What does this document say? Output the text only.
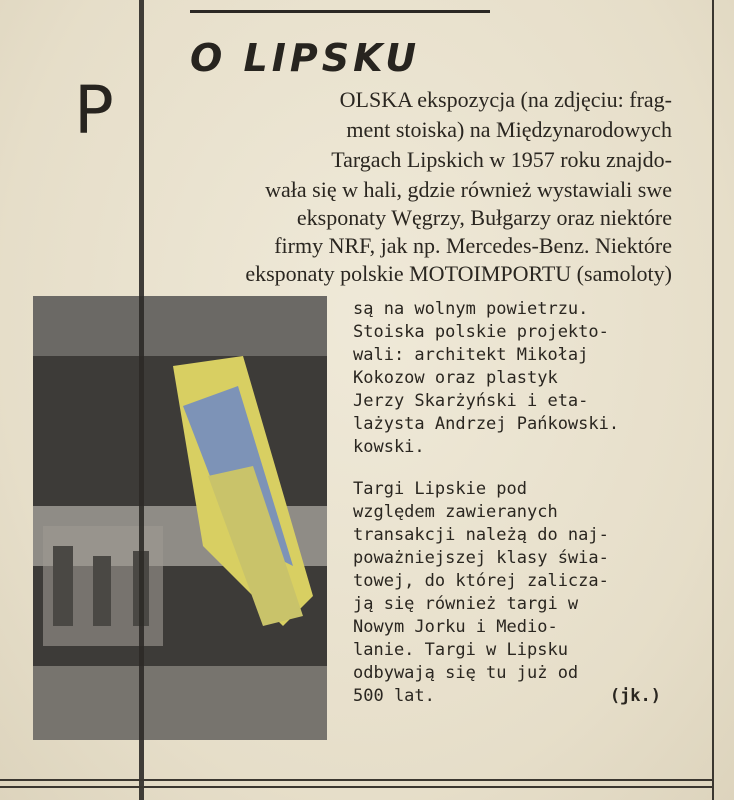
O LIPSKU
P	OLSKA ekspozycja (na zdjęciu: frag-
ment stoiska) na Międzynarodowych
Targach Lipskich w 1957 roku znajdo-
wała się w hali, gdzie również wystawiali swe
eksponaty Węgrzy, Bułgarzy oraz niektóre
firmy NRF, jak np. Mercedes-Benz. Niektóre
eksponaty polskie MOTOIMPORTU (samoloty)
są na wolnym powietrzu.
Stoiska polskie projekto-
wali: architekt Mikołaj
Kokozow oraz plastyk
Jerzy Skarżyński i eta-
lażysta Andrzej Pańkowski.
kowski.
Targi Lipskie pod
względem zawieranych
transakcji należą do naj-
poważniejszej klasy świa-
towej, do której zalicza-
ją się również targi w
Nowym Jorku i Medio-
lanie. Targi w Lipsku
odbywają się tu już od
500 lat.	(jk.)
